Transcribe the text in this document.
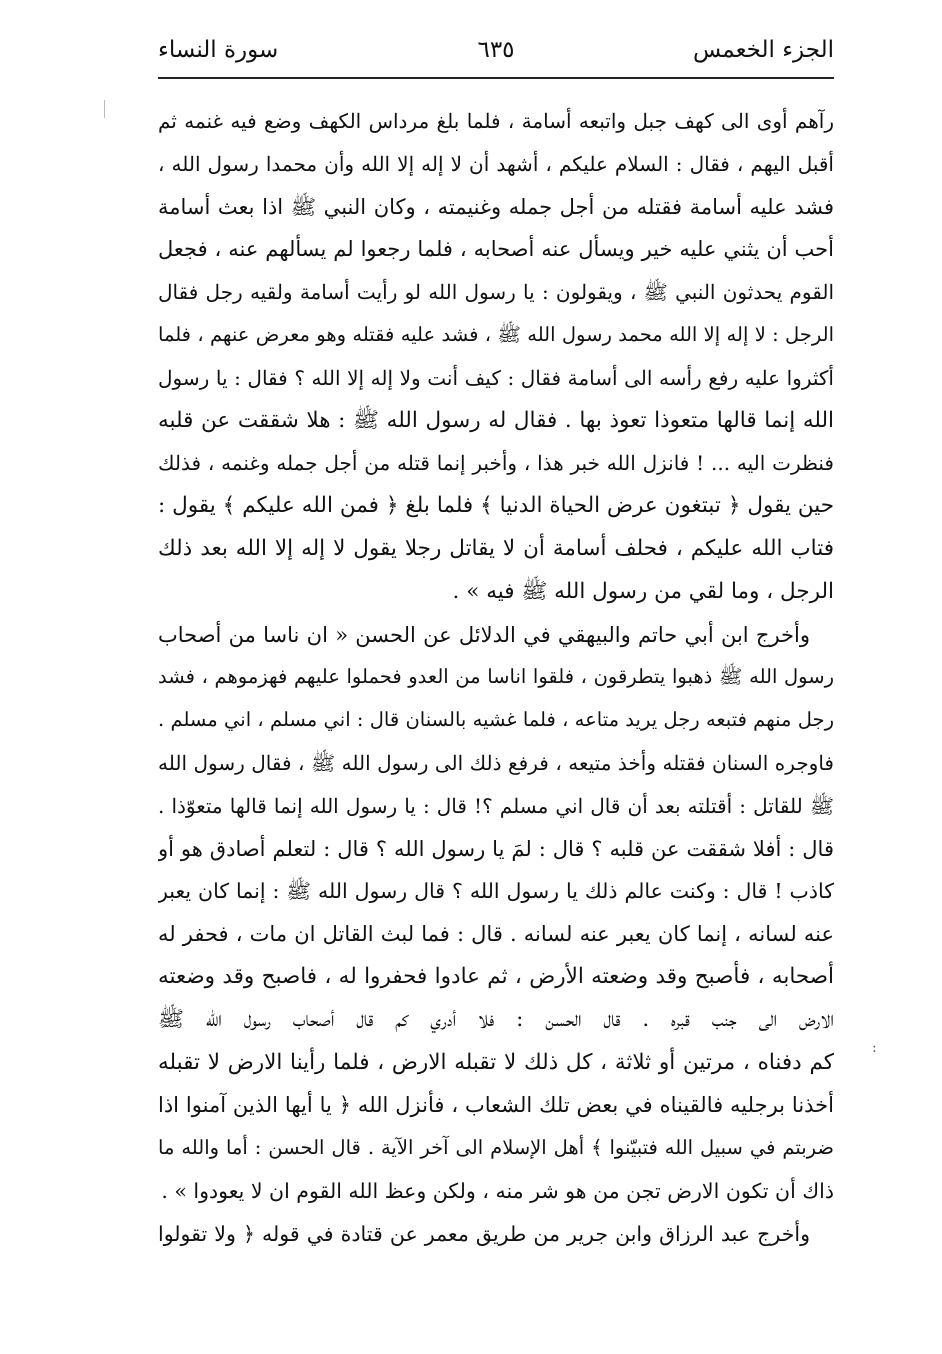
الجزء الخعمس
٦٣٥
سورة النساء
رآهم أوى الى كهف جبل واتبعه أسامة ، فلما بلغ مرداس الكهف وضع فيه غنمه ثم
أقبل اليهم ، فقال : السلام عليكم ، أشهد أن لا إله إلا الله وأن محمدا رسول الله ،
فشد عليه أسامة فقتله من أجل جمله وغنيمته ، وكان النبي ﷺ اذا بعث أسامة
أحب أن يثني عليه خير ويسأل عنه أصحابه ، فلما رجعوا لم يسألهم عنه ، فجعل
القوم يحدثون النبي ﷺ ، ويقولون : يا رسول الله لو رأيت أسامة ولقيه رجل فقال
الرجل : لا إله إلا الله محمد رسول الله ﷺ ، فشد عليه فقتله وهو معرض عنهم ، فلما
أكثروا عليه رفع رأسه الى أسامة فقال : كيف أنت ولا إله إلا الله ؟ فقال : يا رسول
الله إنما قالها متعوذا تعوذ بها . فقال له رسول الله ﷺ : هلا شققت عن قلبه
فنظرت اليه ... ! فانزل الله خبر هذا ، وأخبر إنما قتله من أجل جمله وغنمه ، فذلك
حين يقول ﴿ تبتغون عرض الحياة الدنيا ﴾ فلما بلغ ﴿ فمن الله عليكم ﴾ يقول :
فتاب الله عليكم ، فحلف أسامة أن لا يقاتل رجلا يقول لا إله إلا الله بعد ذلك
الرجل ، وما لقي من رسول الله ﷺ فيه » .
وأخرج ابن أبي حاتم والبيهقي في الدلائل عن الحسن « ان ناسا من أصحاب
رسول الله ﷺ ذهبوا يتطرقون ، فلقوا اناسا من العدو فحملوا عليهم فهزموهم ، فشد
رجل منهم فتبعه رجل يريد متاعه ، فلما غشيه بالسنان قال : اني مسلم ، اني مسلم .
فاوجره السنان فقتله وأخذ متيعه ، فرفع ذلك الى رسول الله ﷺ ، فقال رسول الله
ﷺ للقاتل : أقتلته بعد أن قال اني مسلم ؟! قال : يا رسول الله إنما قالها متعوّذا .
قال : أفلا شققت عن قلبه ؟ قال : لمَ يا رسول الله ؟ قال : لتعلم أصادق هو أو
كاذب ! قال : وكنت عالم ذلك يا رسول الله ؟ قال رسول الله ﷺ : إنما كان يعبر
عنه لسانه ، إنما كان يعبر عنه لسانه . قال : فما لبث القاتل ان مات ، فحفر له
أصحابه ، فأصبح وقد وضعته الأرض ، ثم عادوا فحفروا له ، فاصبح وقد وضعته
الارض الى جنب قبره . قال الحسن : فلا أدري كم قال أصحاب رسول الله ﷺ
كم دفناه ، مرتين أو ثلاثة ، كل ذلك لا تقبله الارض ، فلما رأينا الارض لا تقبله
أخذنا برجليه فالقيناه في بعض تلك الشعاب ، فأنزل الله ﴿ يا أيها الذين آمنوا اذا
ضربتم في سبيل الله فتبيّنوا ﴾ أهل الإسلام الى آخر الآية . قال الحسن : أما والله ما
ذاك أن تكون الارض تجن من هو شر منه ، ولكن وعظ الله القوم ان لا يعودوا » .
وأخرج عبد الرزاق وابن جرير من طريق معمر عن قتادة في قوله ﴿ ولا تقولوا
:
